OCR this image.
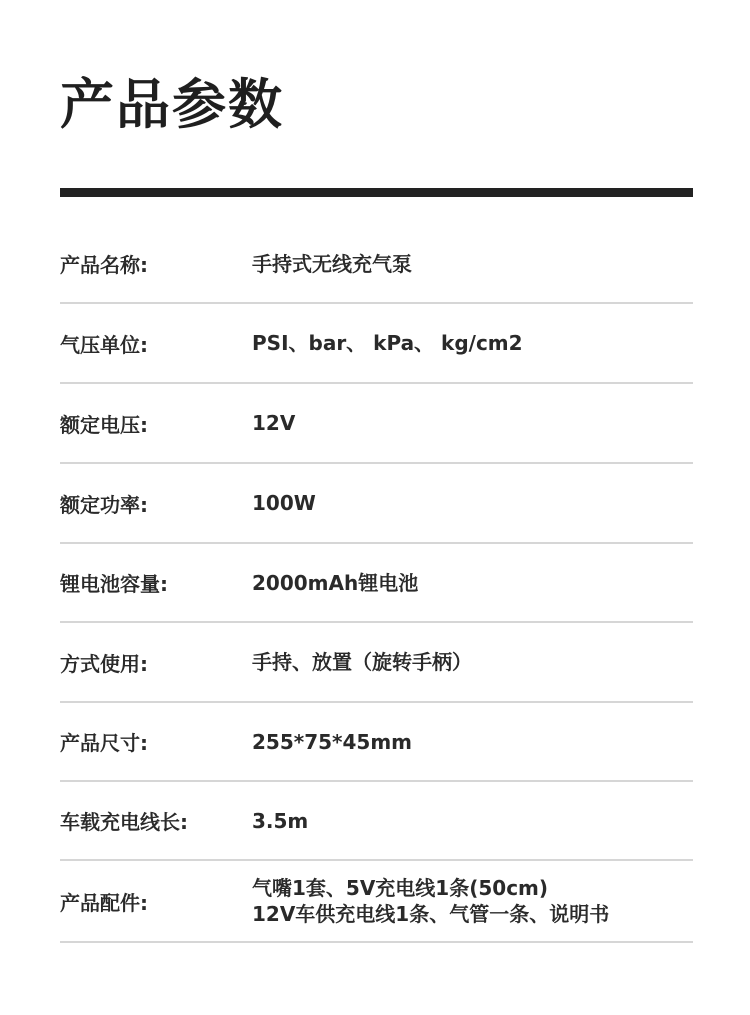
产品参数
产品名称:	手持式无线充气泵
气压单位:	PSI、bar、 kPa、 kg/cm2
额定电压:	12V
额定功率:	100W
锂电池容量:	2000mAh锂电池
方式使用:	手持、放置（旋转手柄）
产品尺寸:	255*75*45mm
车载充电线长:	3.5m
产品配件:
气嘴1套、5V充电线1条(50cm)
12V车供充电线1条、气管一条、说明书
